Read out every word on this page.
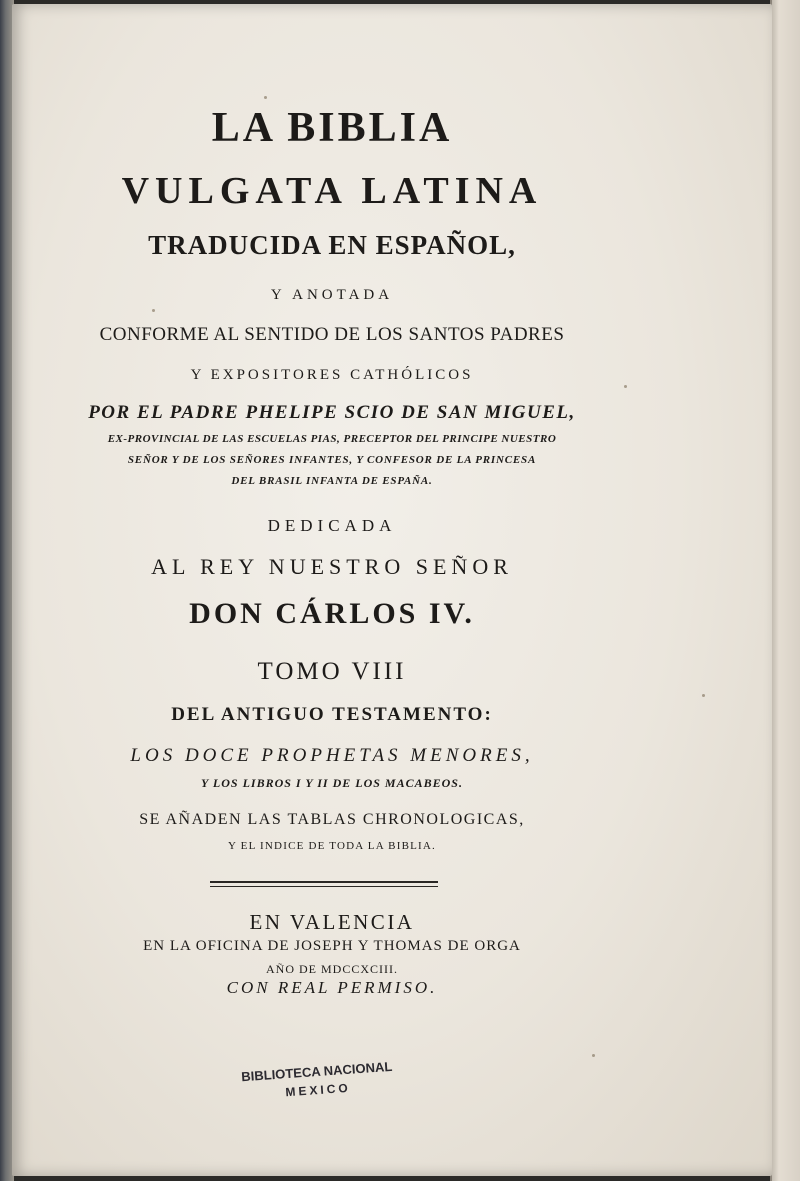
LA BIBLIA

VULGATA LATINA

TRADUCIDA EN ESPAÑOL,

Y ANOTADA

CONFORME AL SENTIDO DE LOS SANTOS PADRES

Y EXPOSITORES CATHÓLICOS

POR EL PADRE PHELIPE SCIO DE SAN MIGUEL,

EX-PROVINCIAL DE LAS ESCUELAS PIAS, PRECEPTOR DEL PRINCIPE NUESTRO

SEÑOR Y DE LOS SEÑORES INFANTES, Y CONFESOR DE LA PRINCESA

DEL BRASIL INFANTA DE ESPAÑA.

DEDICADA

AL REY NUESTRO SEÑOR

DON CÁRLOS IV.

TOMO VIII

DEL ANTIGUO TESTAMENTO:

LOS DOCE PROPHETAS MENORES,

Y LOS LIBROS I Y II DE LOS MACABEOS.

SE AÑADEN LAS TABLAS CHRONOLOGICAS,

Y EL INDICE DE TODA LA BIBLIA.

EN VALENCIA

EN LA OFICINA DE JOSEPH Y THOMAS DE ORGA

AÑO DE MDCCXCIII.

CON REAL PERMISO.

BIBLIOTECA NACIONAL
MEXICO
